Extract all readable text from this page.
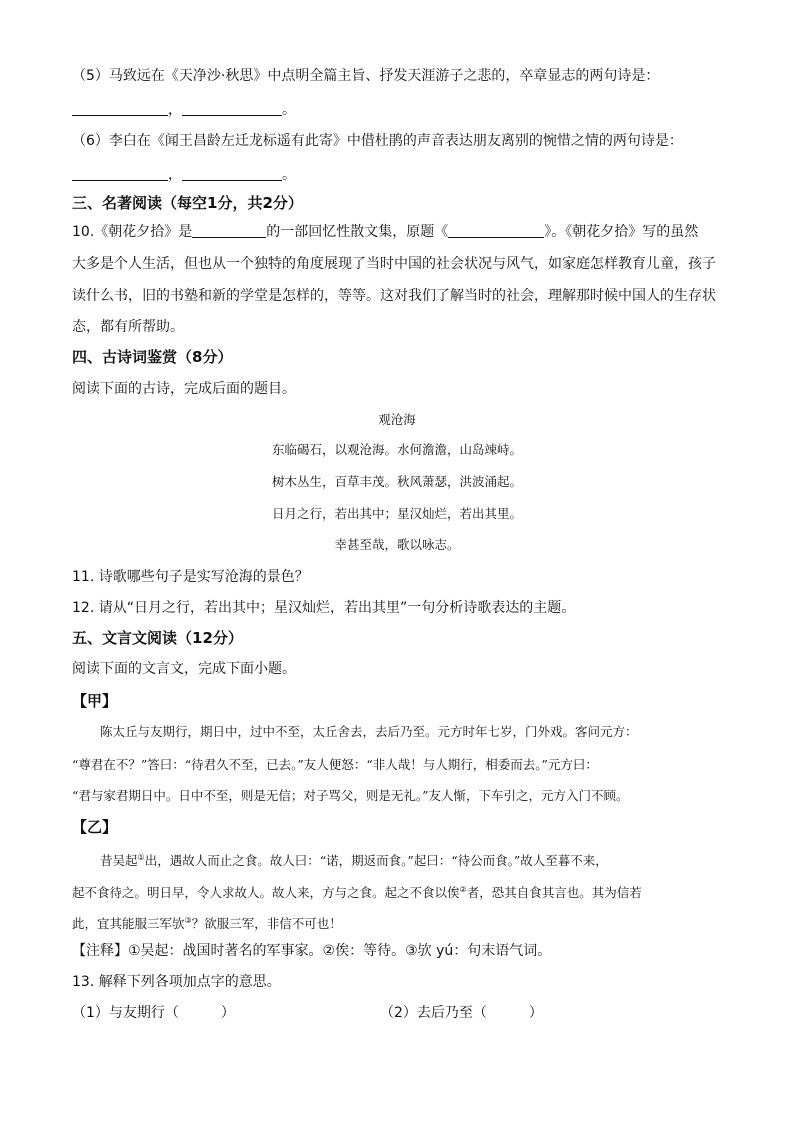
（5）马致远在《天净沙·秋思》中点明全篇主旨、抒发天涯游子之悲的，卒章显志的两句诗是：
，	。
（6）李白在《闻王昌龄左迁龙标遥有此寄》中借杜鹃的声音表达朋友离别的惋惜之情的两句诗是：
，	。
三、名著阅读（每空1分，共2分）
10.《朝花夕拾》是	的一部回忆性散文集，原题《	》。《朝花夕拾》写的虽然
大多是个人生活，但也从一个独特的角度展现了当时中国的社会状况与风气，如家庭怎样教育儿童，孩子
读什么书，旧的书塾和新的学堂是怎样的，等等。这对我们了解当时的社会，理解那时候中国人的生存状
态，都有所帮助。
四、古诗词鉴赏（8分）
阅读下面的古诗，完成后面的题目。
观沧海
东临碣石，以观沧海。水何澹澹，山岛竦峙。
树木丛生，百草丰茂。秋风萧瑟，洪波涌起。
日月之行，若出其中；星汉灿烂，若出其里。
幸甚至哉，歌以咏志。
11. 诗歌哪些句子是实写沧海的景色？
12. 请从“日月之行，若出其中；星汉灿烂，若出其里”一句分析诗歌表达的主题。
五、文言文阅读（12分）
阅读下面的文言文，完成下面小题。
【甲】
陈太丘与友期行，期日中，过中不至，太丘舍去，去后乃至。元方时年七岁，门外戏。客问元方：
“尊君在不？”答曰：“待君久不至，已去。”友人便怒：“非人哉！与人期行，相委而去。”元方曰：
“君与家君期日中。日中不至，则是无信；对子骂父，则是无礼。”友人惭，下车引之，元方入门不顾。
【乙】
昔吴起①出，遇故人而止之食。故人曰：“诺，期返而食。”起曰：“待公而食。”故人至暮不来，
起不食待之。明日早，令人求故人。故人来，方与之食。起之不食以俟②者，恐其自食其言也。其为信若
此，宜其能服三军欤③？欲服三军，非信不可也！
【注释】①吴起：战国时著名的军事家。②俟：等待。③欤 yú：句末语气词。
13. 解释下列各项加点字的意思。
（1）与友期行（　　　）	（2）去后乃至（　　　）
